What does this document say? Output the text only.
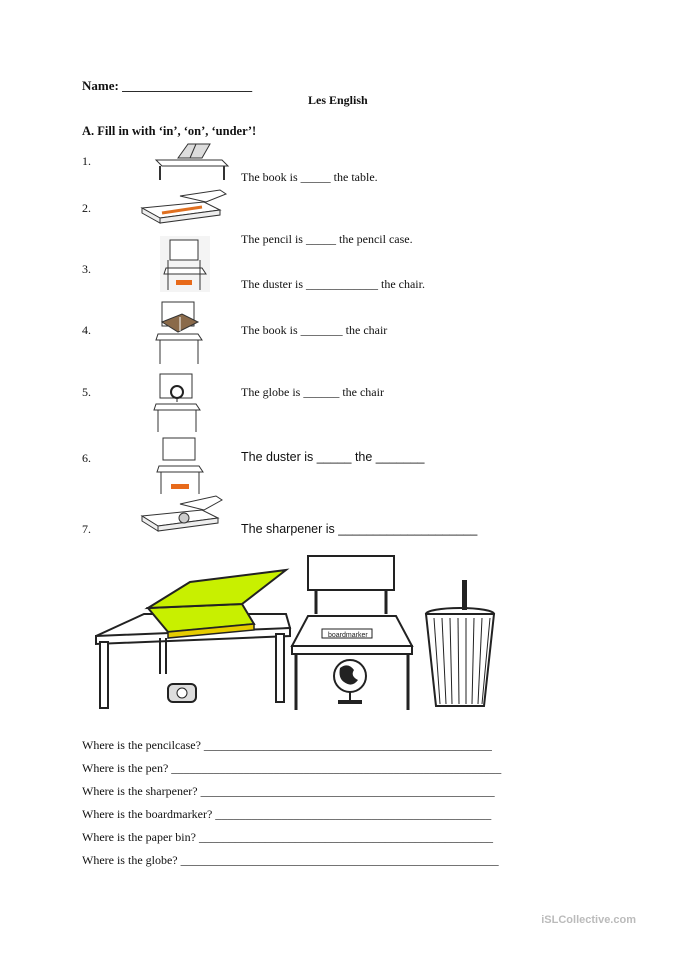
Name: ____________________
Les English
A. Fill in with ‘in’, ‘on’, ‘under’!
1.
The book is _____ the table.
2.
The pencil is _____ the pencil case.
3.
The duster is ____________ the chair.
4.	The book is _______ the chair
5.	The globe is ______ the chair
6.	The duster is _____ the _______
7.	The sharpener is ____________________
boardmarker
Where is the pencilcase? ________________________________________________
Where is the pen? _______________________________________________________
Where is the sharpener? _________________________________________________
Where is the boardmarker? ______________________________________________
Where is the paper bin? _________________________________________________
Where is the globe? _____________________________________________________
iSLCollective.com
